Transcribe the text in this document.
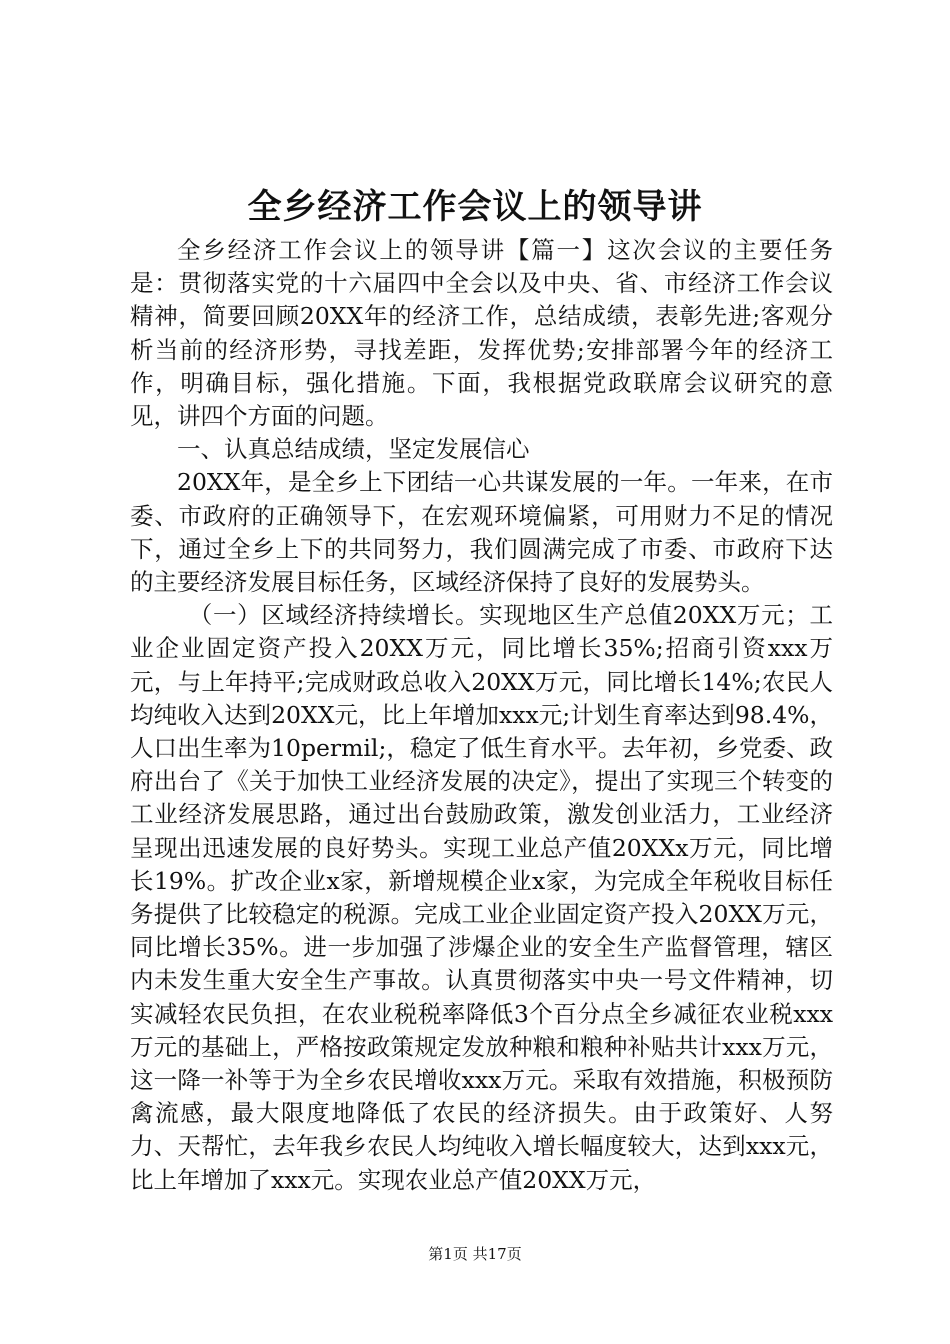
全乡经济工作会议上的领导讲

全乡经济工作会议上的领导讲【篇一】这次会议的主要任务是：贯彻落实党的十六届四中全会以及中央、省、市经济工作会议精神，简要回顾20XX年的经济工作，总结成绩，表彰先进;客观分析当前的经济形势，寻找差距，发挥优势;安排部署今年的经济工作，明确目标，强化措施。下面，我根据党政联席会议研究的意见，讲四个方面的问题。

一、认真总结成绩，坚定发展信心

20XX年，是全乡上下团结一心共谋发展的一年。一年来，在市委、市政府的正确领导下，在宏观环境偏紧，可用财力不足的情况下，通过全乡上下的共同努力，我们圆满完成了市委、市政府下达的主要经济发展目标任务，区域经济保持了良好的发展势头。

（一）区域经济持续增长。实现地区生产总值20XX万元；工业企业固定资产投入20XX万元，同比增长35%;招商引资xxx万元，与上年持平;完成财政总收入20XX万元，同比增长14%;农民人均纯收入达到20XX元，比上年增加xxx元;计划生育率达到98.4%，人口出生率为10permil;，稳定了低生育水平。去年初，乡党委、政府出台了《关于加快工业经济发展的决定》，提出了实现三个转变的工业经济发展思路，通过出台鼓励政策，激发创业活力，工业经济呈现出迅速发展的良好势头。实现工业总产值20XXx万元，同比增长19%。扩改企业x家，新增规模企业x家，为完成全年税收目标任务提供了比较稳定的税源。完成工业企业固定资产投入20XX万元，同比增长35%。进一步加强了涉爆企业的安全生产监督管理，辖区内未发生重大安全生产事故。认真贯彻落实中央一号文件精神，切实减轻农民负担，在农业税税率降低3个百分点全乡减征农业税xxx万元的基础上，严格按政策规定发放种粮和粮种补贴共计xxx万元，这一降一补等于为全乡农民增收xxx万元。采取有效措施，积极预防禽流感，最大限度地降低了农民的经济损失。由于政策好、人努力、天帮忙，去年我乡农民人均纯收入增长幅度较大，达到xxx元，比上年增加了xxx元。实现农业总产值20XX万元，

第1页 共17页
